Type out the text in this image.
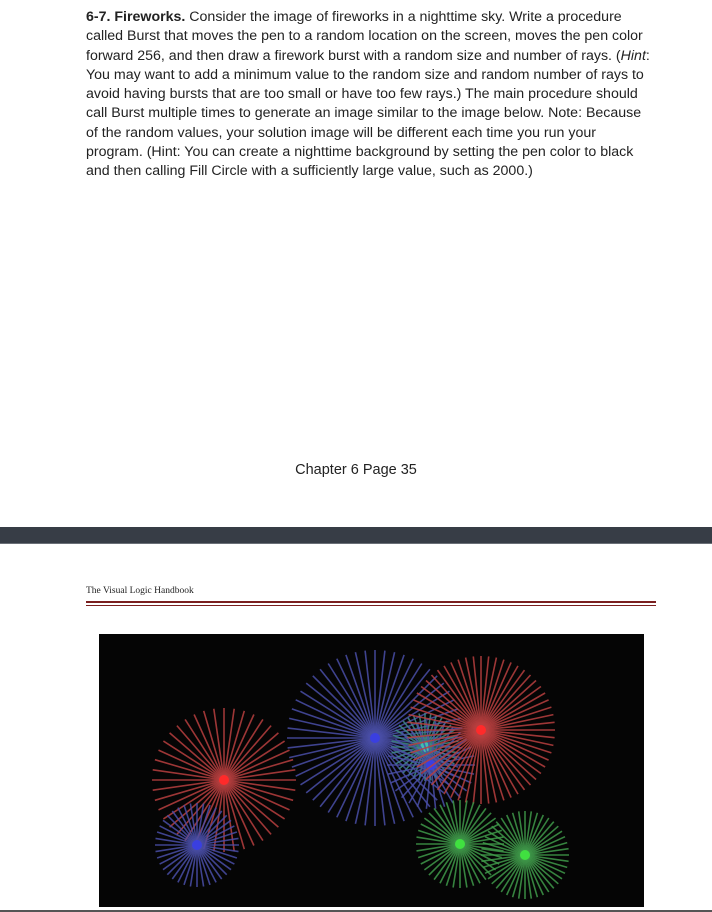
6-7. Fireworks. Consider the image of fireworks in a nighttime sky. Write a procedure called Burst that moves the pen to a random location on the screen, moves the pen color forward 256, and then draw a firework burst with a random size and number of rays. (Hint: You may want to add a minimum value to the random size and random number of rays to avoid having bursts that are too small or have too few rays.) The main procedure should call Burst multiple times to generate an image similar to the image below. Note: Because of the random values, your solution image will be different each time you run your program. (Hint: You can create a nighttime background by setting the pen color to black and then calling Fill Circle with a sufficiently large value, such as 2000.)
Chapter 6 Page 35
The Visual Logic Handbook
